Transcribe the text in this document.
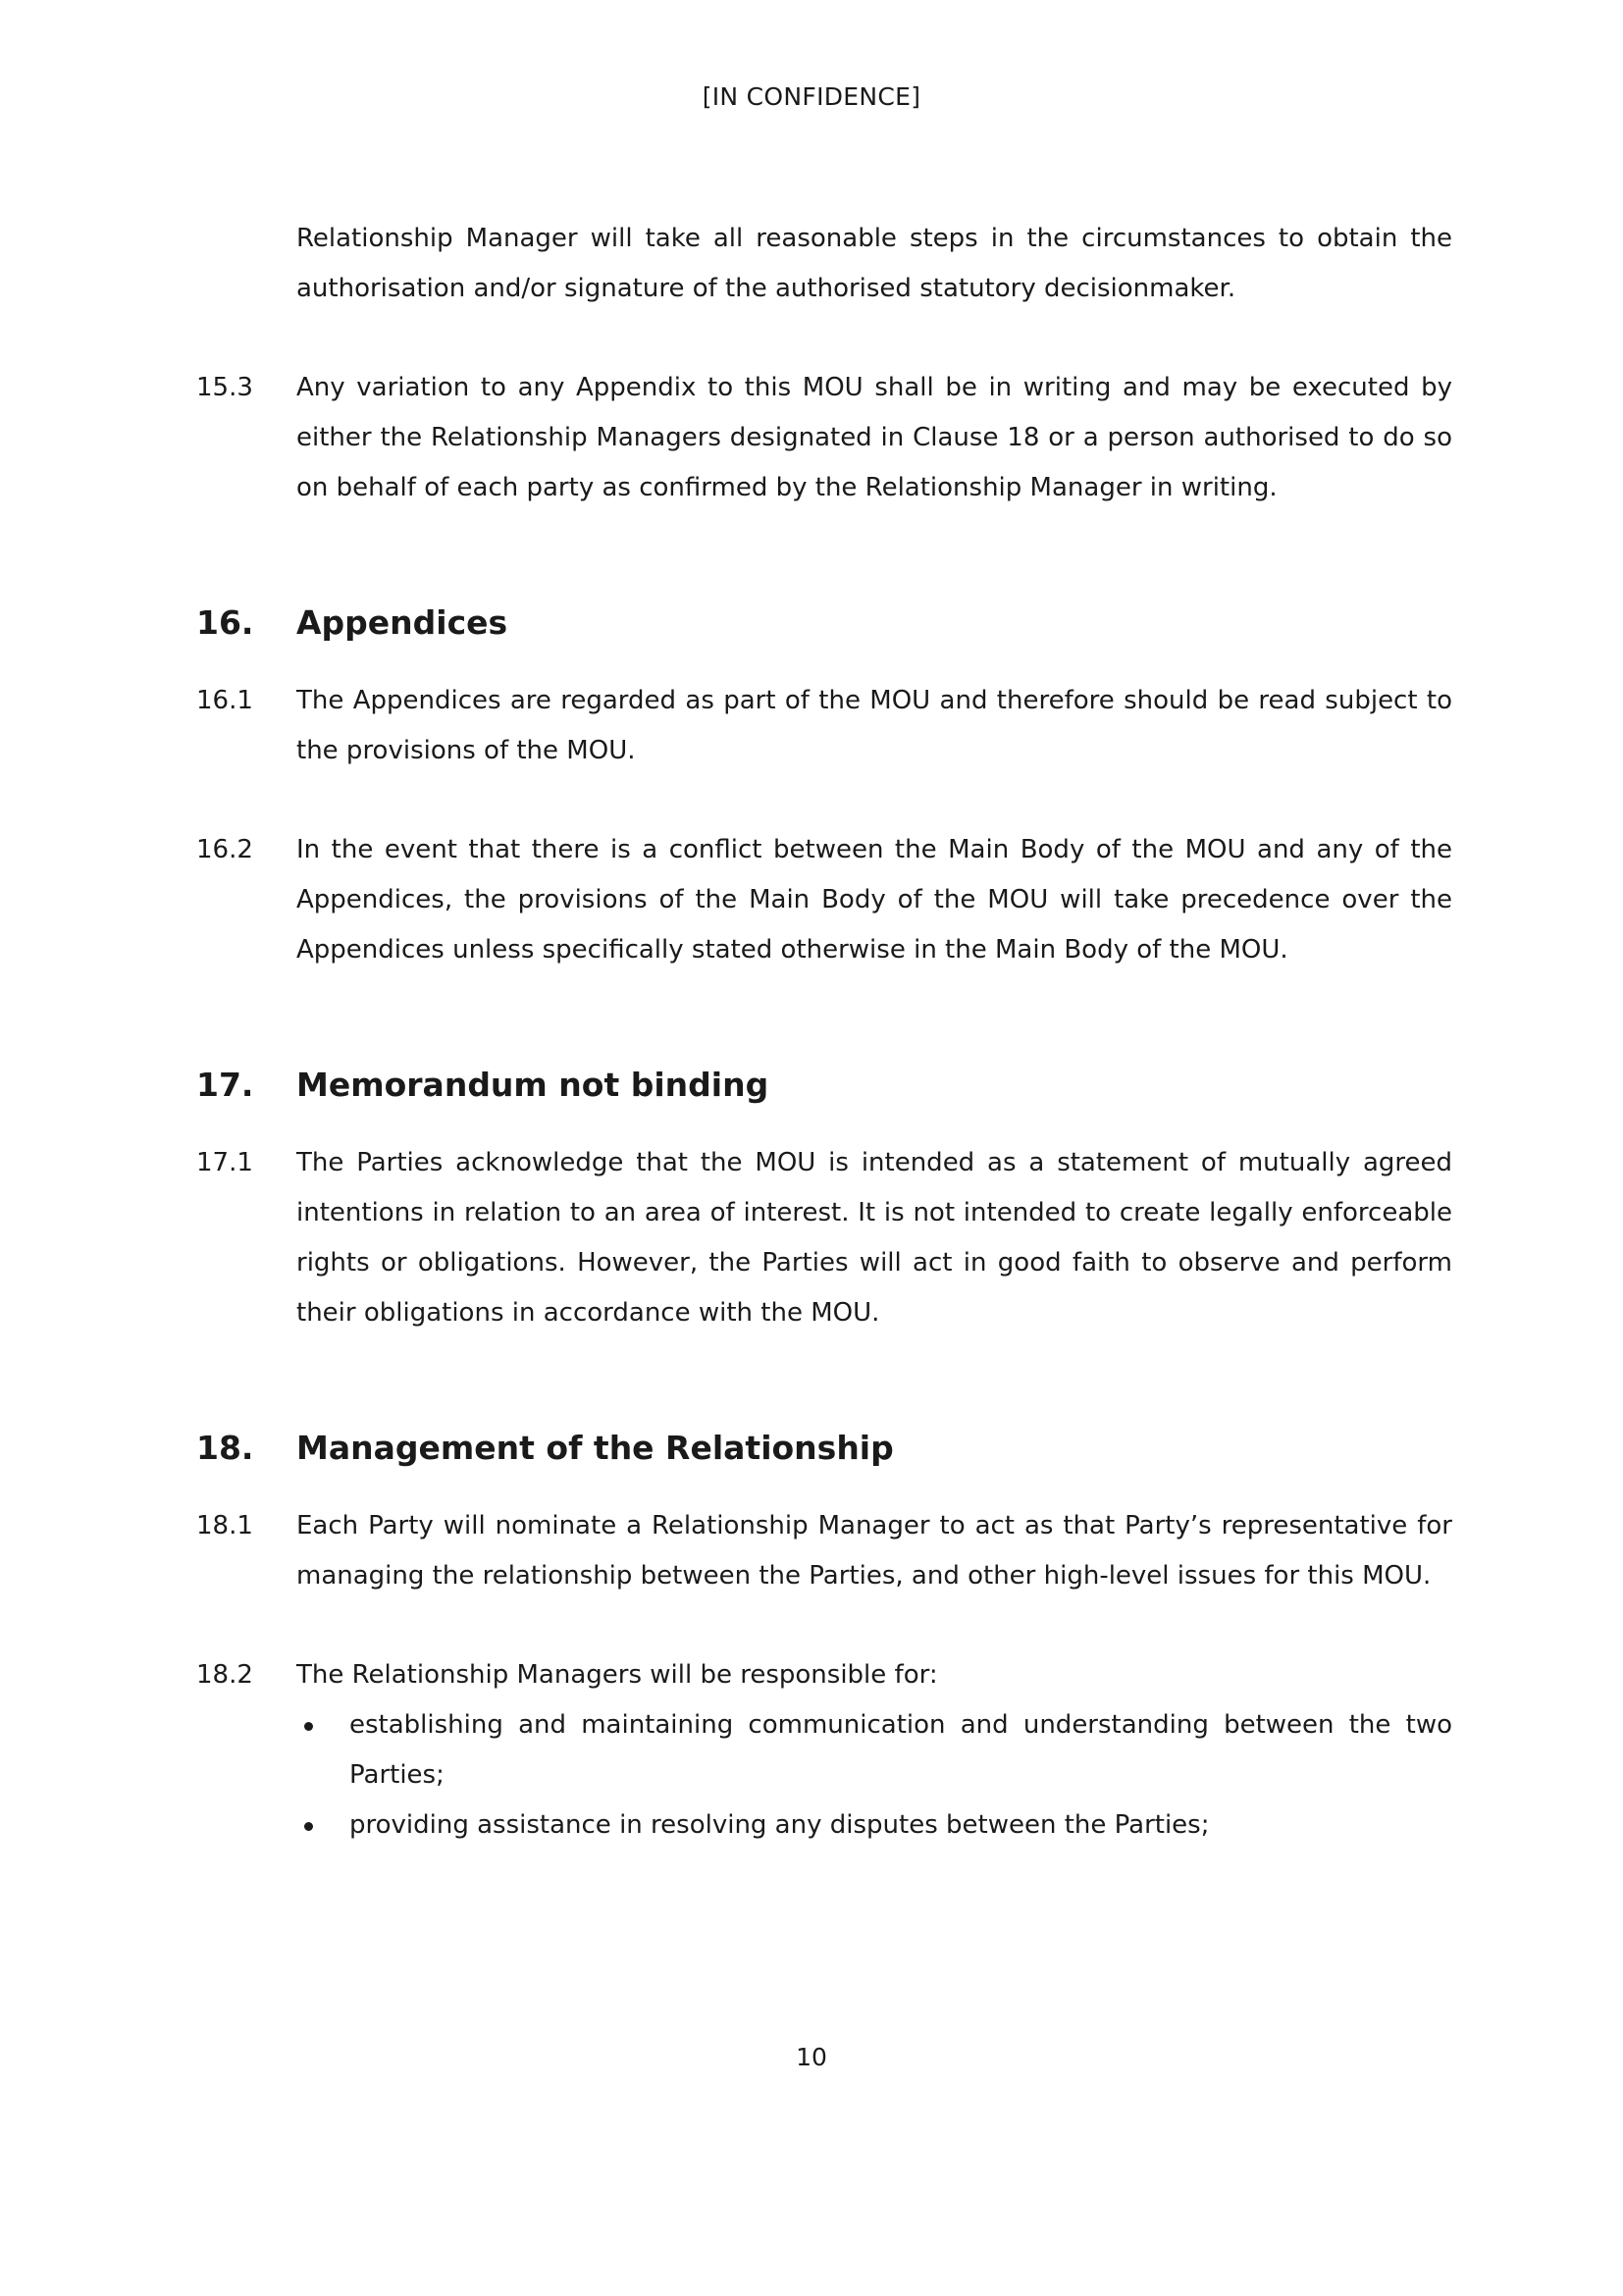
[IN CONFIDENCE]

Relationship Manager will take all reasonable steps in the circumstances to obtain the authorisation and/or signature of the authorised statutory decisionmaker.

15.3	Any variation to any Appendix to this MOU shall be in writing and may be executed by either the Relationship Managers designated in Clause 18 or a person authorised to do so on behalf of each party as confirmed by the Relationship Manager in writing.

16. Appendices

16.1	The Appendices are regarded as part of the MOU and therefore should be read subject to the provisions of the MOU.

16.2	In the event that there is a conflict between the Main Body of the MOU and any of the Appendices, the provisions of the Main Body of the MOU will take precedence over the Appendices unless specifically stated otherwise in the Main Body of the MOU.

17. Memorandum not binding

17.1	The Parties acknowledge that the MOU is intended as a statement of mutually agreed intentions in relation to an area of interest. It is not intended to create legally enforceable rights or obligations. However, the Parties will act in good faith to observe and perform their obligations in accordance with the MOU.

18. Management of the Relationship

18.1	Each Party will nominate a Relationship Manager to act as that Party’s representative for managing the relationship between the Parties, and other high-level issues for this MOU.

18.2	The Relationship Managers will be responsible for:

establishing and maintaining communication and understanding between the two Parties;
providing assistance in resolving any disputes between the Parties;
10
